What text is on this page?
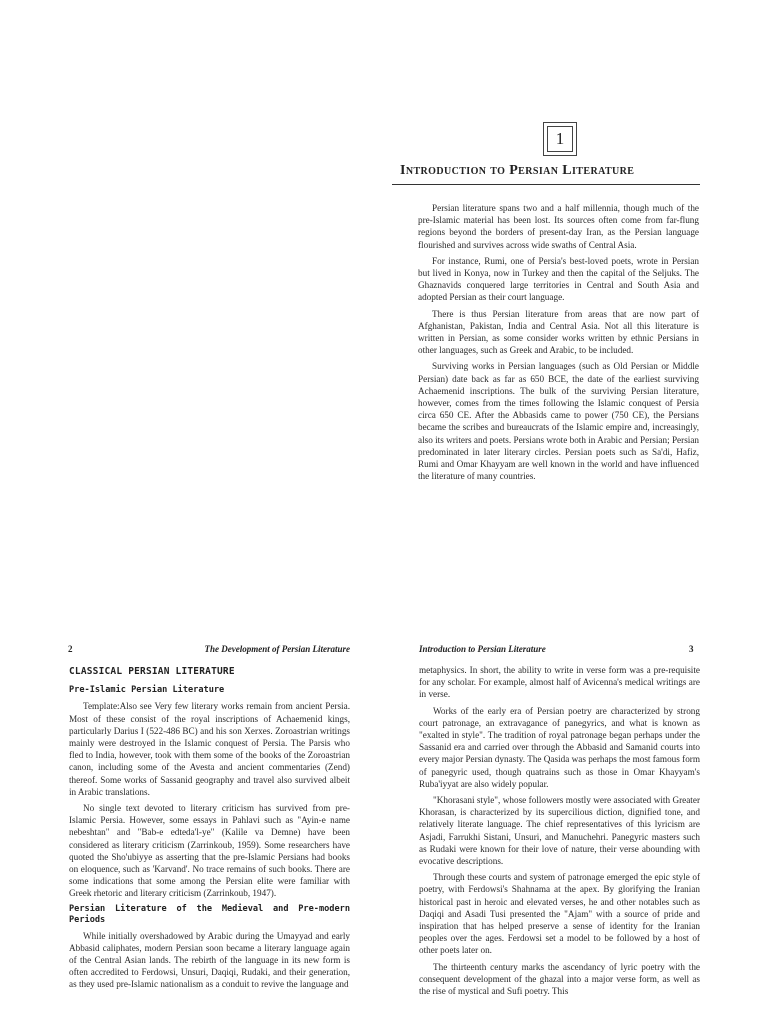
1
Introduction to Persian Literature

Persian literature spans two and a half millennia, though much of the pre-Islamic material has been lost. Its sources often come from far-flung regions beyond the borders of present-day Iran, as the Persian language flourished and survives across wide swaths of Central Asia.

For instance, Rumi, one of Persia's best-loved poets, wrote in Persian but lived in Konya, now in Turkey and then the capital of the Seljuks. The Ghaznavids conquered large territories in Central and South Asia and adopted Persian as their court language.

There is thus Persian literature from areas that are now part of Afghanistan, Pakistan, India and Central Asia. Not all this literature is written in Persian, as some consider works written by ethnic Persians in other languages, such as Greek and Arabic, to be included.

Surviving works in Persian languages (such as Old Persian or Middle Persian) date back as far as 650 BCE, the date of the earliest surviving Achaemenid inscriptions. The bulk of the surviving Persian literature, however, comes from the times following the Islamic conquest of Persia circa 650 CE. After the Abbasids came to power (750 CE), the Persians became the scribes and bureaucrats of the Islamic empire and, increasingly, also its writers and poets. Persians wrote both in Arabic and Persian; Persian predominated in later literary circles. Persian poets such as Sa'di, Hafiz, Rumi and Omar Khayyam are well known in the world and have influenced the literature of many countries.

2	The Development of Persian Literature	Introduction to Persian Literature	3
CLASSICAL PERSIAN LITERATURE
Pre-Islamic Persian Literature

Template:Also see Very few literary works remain from ancient Persia. Most of these consist of the royal inscriptions of Achaemenid kings, particularly Darius I (522-486 BC) and his son Xerxes. Zoroastrian writings mainly were destroyed in the Islamic conquest of Persia. The Parsis who fled to India, however, took with them some of the books of the Zoroastrian canon, including some of the Avesta and ancient commentaries (Zend) thereof. Some works of Sassanid geography and travel also survived albeit in Arabic translations.

No single text devoted to literary criticism has survived from pre-Islamic Persia. However, some essays in Pahlavi such as "Ayin-e name nebeshtan" and "Bab-e edteda'l-ye" (Kalile va Demne) have been considered as literary criticism (Zarrinkoub, 1959). Some researchers have quoted the Sho'ubiyye as asserting that the pre-Islamic Persians had books on eloquence, such as 'Karvand'. No trace remains of such books. There are some indications that some among the Persian elite were familiar with Greek rhetoric and literary criticism (Zarrinkoub, 1947).

Persian Literature of the Medieval and Pre-modern Periods

While initially overshadowed by Arabic during the Umayyad and early Abbasid caliphates, modern Persian soon became a literary language again of the Central Asian lands. The rebirth of the language in its new form is often accredited to Ferdowsi, Unsuri, Daqiqi, Rudaki, and their generation, as they used pre-Islamic nationalism as a conduit to revive the language and

metaphysics. In short, the ability to write in verse form was a pre-requisite for any scholar. For example, almost half of Avicenna's medical writings are in verse.

Works of the early era of Persian poetry are characterized by strong court patronage, an extravagance of panegyrics, and what is known as "exalted in style". The tradition of royal patronage began perhaps under the Sassanid era and carried over through the Abbasid and Samanid courts into every major Persian dynasty. The Qasida was perhaps the most famous form of panegyric used, though quatrains such as those in Omar Khayyam's Ruba'iyyat are also widely popular.

"Khorasani style", whose followers mostly were associated with Greater Khorasan, is characterized by its supercilious diction, dignified tone, and relatively literate language. The chief representatives of this lyricism are Asjadi, Farrukhi Sistani, Unsuri, and Manuchehri. Panegyric masters such as Rudaki were known for their love of nature, their verse abounding with evocative descriptions.

Through these courts and system of patronage emerged the epic style of poetry, with Ferdowsi's Shahnama at the apex. By glorifying the Iranian historical past in heroic and elevated verses, he and other notables such as Daqiqi and Asadi Tusi presented the "Ajam" with a source of pride and inspiration that has helped preserve a sense of identity for the Iranian peoples over the ages. Ferdowsi set a model to be followed by a host of other poets later on.

The thirteenth century marks the ascendancy of lyric poetry with the consequent development of the ghazal into a major verse form, as well as the rise of mystical and Sufi poetry. This
